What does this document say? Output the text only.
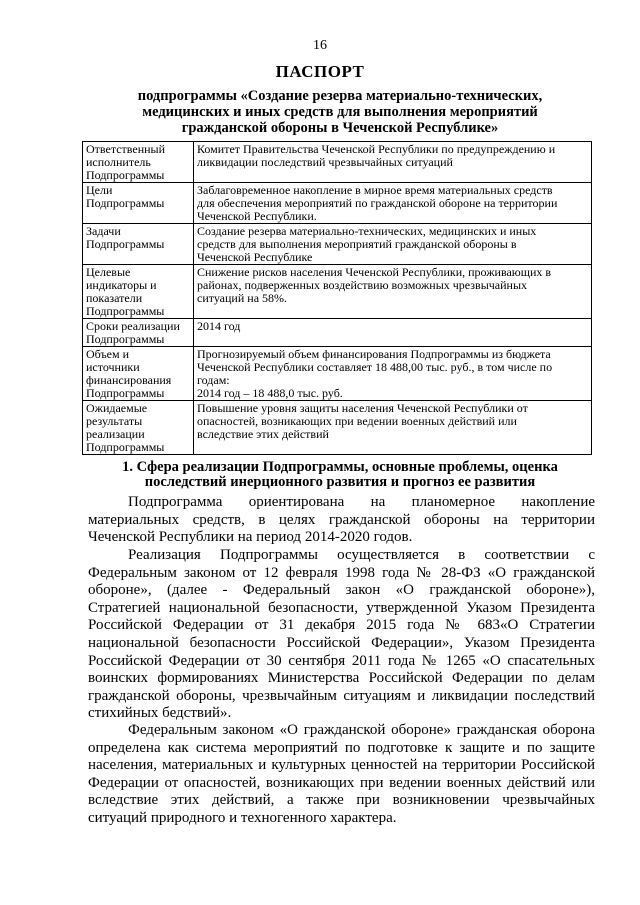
16
ПАСПОРТ
подпрограммы «Создание резерва материально-технических,
медицинских и иных средств для выполнения мероприятий
гражданской обороны в Чеченской Республике»
Ответственный
исполнитель
Подпрограммы	Комитет Правительства Чеченской Республики по предупреждению и
ликвидации последствий чрезвычайных ситуаций

Цели
Подпрограммы	Заблаговременное накопление в мирное время материальных средств
для обеспечения мероприятий по гражданской обороне на территории
Чеченской Республики.

Задачи
Подпрограммы	Создание резерва материально-технических, медицинских и иных
средств для выполнения мероприятий гражданской обороны в
Чеченской Республике

Целевые
индикаторы и
показатели
Подпрограммы	Снижение рисков населения Чеченской Республики, проживающих в
районах, подверженных воздействию возможных чрезвычайных
ситуаций на 58%.

Сроки реализации
Подпрограммы	2014 год

Объем и
источники
финансирования
Подпрограммы	Прогнозируемый объем финансирования Подпрограммы из бюджета
Чеченской Республики составляет 18 488,00 тыс. руб., в том числе по
годам:
2014 год – 18 488,0 тыс. руб.

Ожидаемые
результаты
реализации
Подпрограммы	Повышение уровня защиты населения Чеченской Республики от
опасностей, возникающих при ведении военных действий или
вследствие этих действий
1. Сфера реализации Подпрограммы, основные проблемы, оценка
последствий инерционного развития и прогноз ее развития
Подпрограмма ориентирована на планомерное накопление
материальных средств, в целях гражданской обороны на территории
Чеченской Республики на период 2014-2020 годов.
Реализация Подпрограммы осуществляется в соответствии с
Федеральным законом от 12 февраля 1998 года № 28-ФЗ «О гражданской
обороне», (далее - Федеральный закон «О гражданской обороне»),
Стратегией национальной безопасности, утвержденной Указом Президента
Российской Федерации от 31 декабря 2015 года № 683«О Стратегии
национальной безопасности Российской Федерации», Указом Президента
Российской Федерации от 30 сентября 2011 года № 1265 «О спасательных
воинских формированиях Министерства Российской Федерации по делам
гражданской обороны, чрезвычайным ситуациям и ликвидации последствий
стихийных бедствий».
Федеральным законом «О гражданской обороне» гражданская оборона
определена как система мероприятий по подготовке к защите и по защите
населения, материальных и культурных ценностей на территории Российской
Федерации от опасностей, возникающих при ведении военных действий или
вследствие этих действий, а также при возникновении чрезвычайных
ситуаций природного и техногенного характера.
